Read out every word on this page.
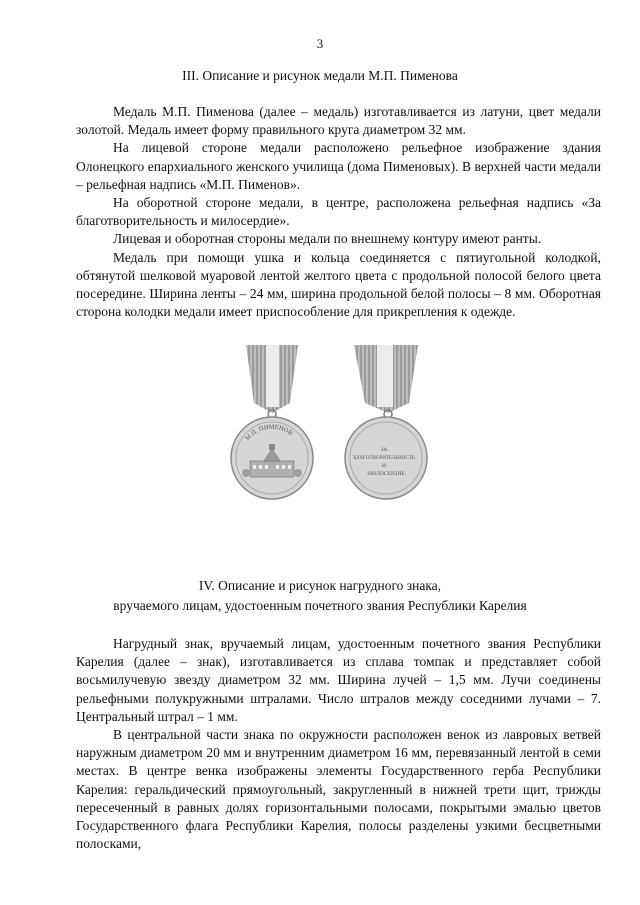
3
III. Описание и рисунок медали М.П. Пименова

Медаль М.П. Пименова (далее – медаль) изготавливается из латуни, цвет медали золотой. Медаль имеет форму правильного круга диаметром 32 мм.

На лицевой стороне медали расположено рельефное изображение здания Олонецкого епархиального женского училища (дома Пименовых). В верхней части медали – рельефная надпись «М.П. Пименов».

На оборотной стороне медали, в центре, расположена рельефная надпись «За благотворительность и милосердие».

Лицевая и оборотная стороны медали по внешнему контуру имеют ранты.

Медаль при помощи ушка и кольца соединяется с пятиугольной колодкой, обтянутой шелковой муаровой лентой желтого цвета с продольной полосой белого цвета посередине. Ширина ленты – 24 мм, ширина продольной белой полосы – 8 мм. Оборотная сторона колодки медали имеет приспособление для прикрепления к одежде.

М.П. ПИМЕНОВ
ЗА БЛАГОТВОРИТЕЛЬНОСТЬ И МИЛОСЕРДИЕ
IV. Описание и рисунок нагрудного знака,
вручаемого лицам, удостоенным почетного звания Республики Карелия

Нагрудный знак, вручаемый лицам, удостоенным почетного звания Республики Карелия (далее – знак), изготавливается из сплава томпак и представляет собой восьмилучевую звезду диаметром 32 мм. Ширина лучей – 1,5 мм. Лучи соединены рельефными полукружными штралами. Число штралов между соседними лучами – 7. Центральный штрал – 1 мм.

В центральной части знака по окружности расположен венок из лавровых ветвей наружным диаметром 20 мм и внутренним диаметром 16 мм, перевязанный лентой в семи местах. В центре венка изображены элементы Государственного герба Республики Карелия: геральдический прямоугольный, закругленный в нижней трети щит, трижды пересеченный в равных долях горизонтальными полосами, покрытыми эмалью цветов Государственного флага Республики Карелия, полосы разделены узкими бесцветными полосками,
